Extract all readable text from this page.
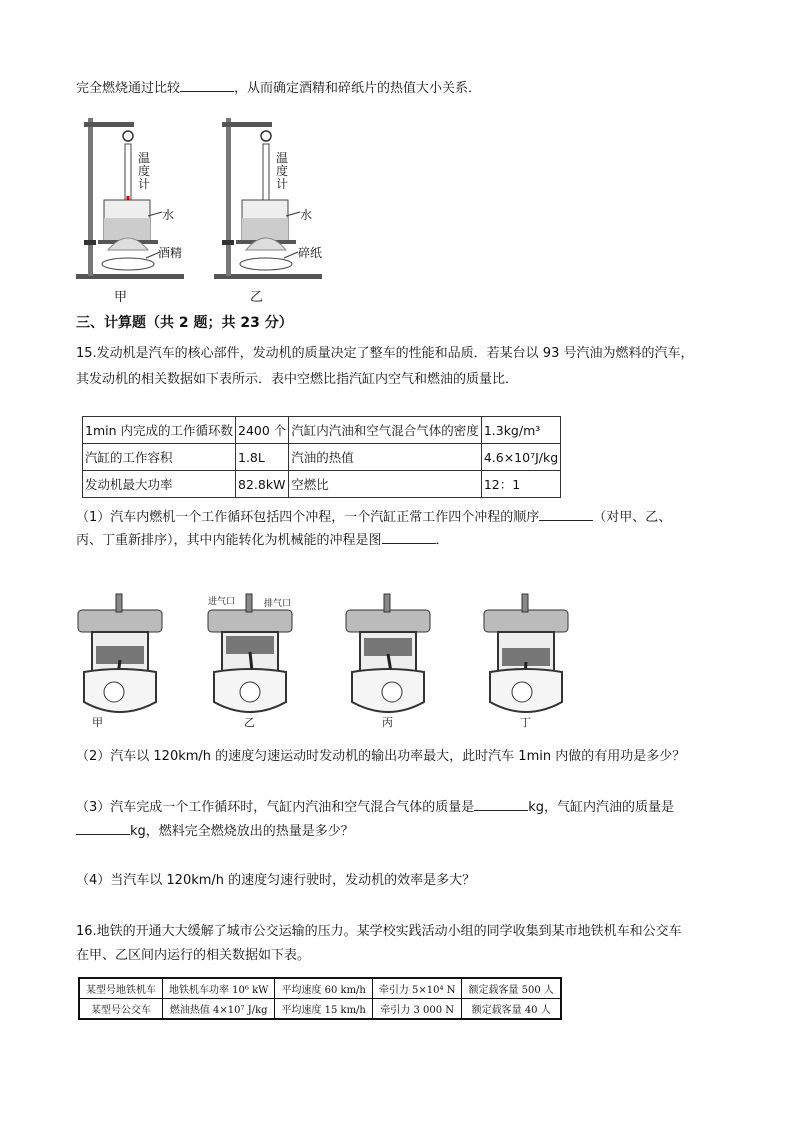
完全燃烧通过比较	，从而确定酒精和碎纸片的热值大小关系．
温度计
水
酒精
甲
温度计
水
碎纸
乙
三、计算题（共 2 题；共 23 分）
15.发动机是汽车的核心部件，发动机的质量决定了整车的性能和品质．若某台以 93 号汽油为燃料的汽车，
其发动机的相关数据如下表所示．表中空燃比指汽缸内空气和燃油的质量比．
1min 内完成的工作循环数	2400 个	汽缸内汽油和空气混合气体的密度	1.3kg/m³
汽缸的工作容积	1.8L	汽油的热值	4.6×10⁷J/kg
发动机最大功率	82.8kW	空燃比	12：1
（1）汽车内燃机一个工作循环包括四个冲程，一个汽缸正常工作四个冲程的顺序	（对甲、乙、
丙、丁重新排序），其中内能转化为机械能的冲程是图	．
甲
进气口	排气口
乙	丙	丁
（2）汽车以 120km/h 的速度匀速运动时发动机的输出功率最大，此时汽车 1min 内做的有用功是多少？
（3）汽车完成一个工作循环时，气缸内汽油和空气混合气体的质量是	kg，气缸内汽油的质量是
kg，燃料完全燃烧放出的热量是多少？
（4）当汽车以 120km/h 的速度匀速行驶时，发动机的效率是多大？
16.地铁的开通大大缓解了城市公交运输的压力。某学校实践活动小组的同学收集到某市地铁机车和公交车
在甲、乙区间内运行的相关数据如下表。
某型号地铁机车	地铁机车功率 10⁶ kW	平均速度 60 km/h	牵引力 5×10⁴ N	额定载客量 500 人
某型号公交车	燃油热值 4×10⁷ J/kg	平均速度 15 km/h	牵引力 3 000 N	额定载客量 40 人
